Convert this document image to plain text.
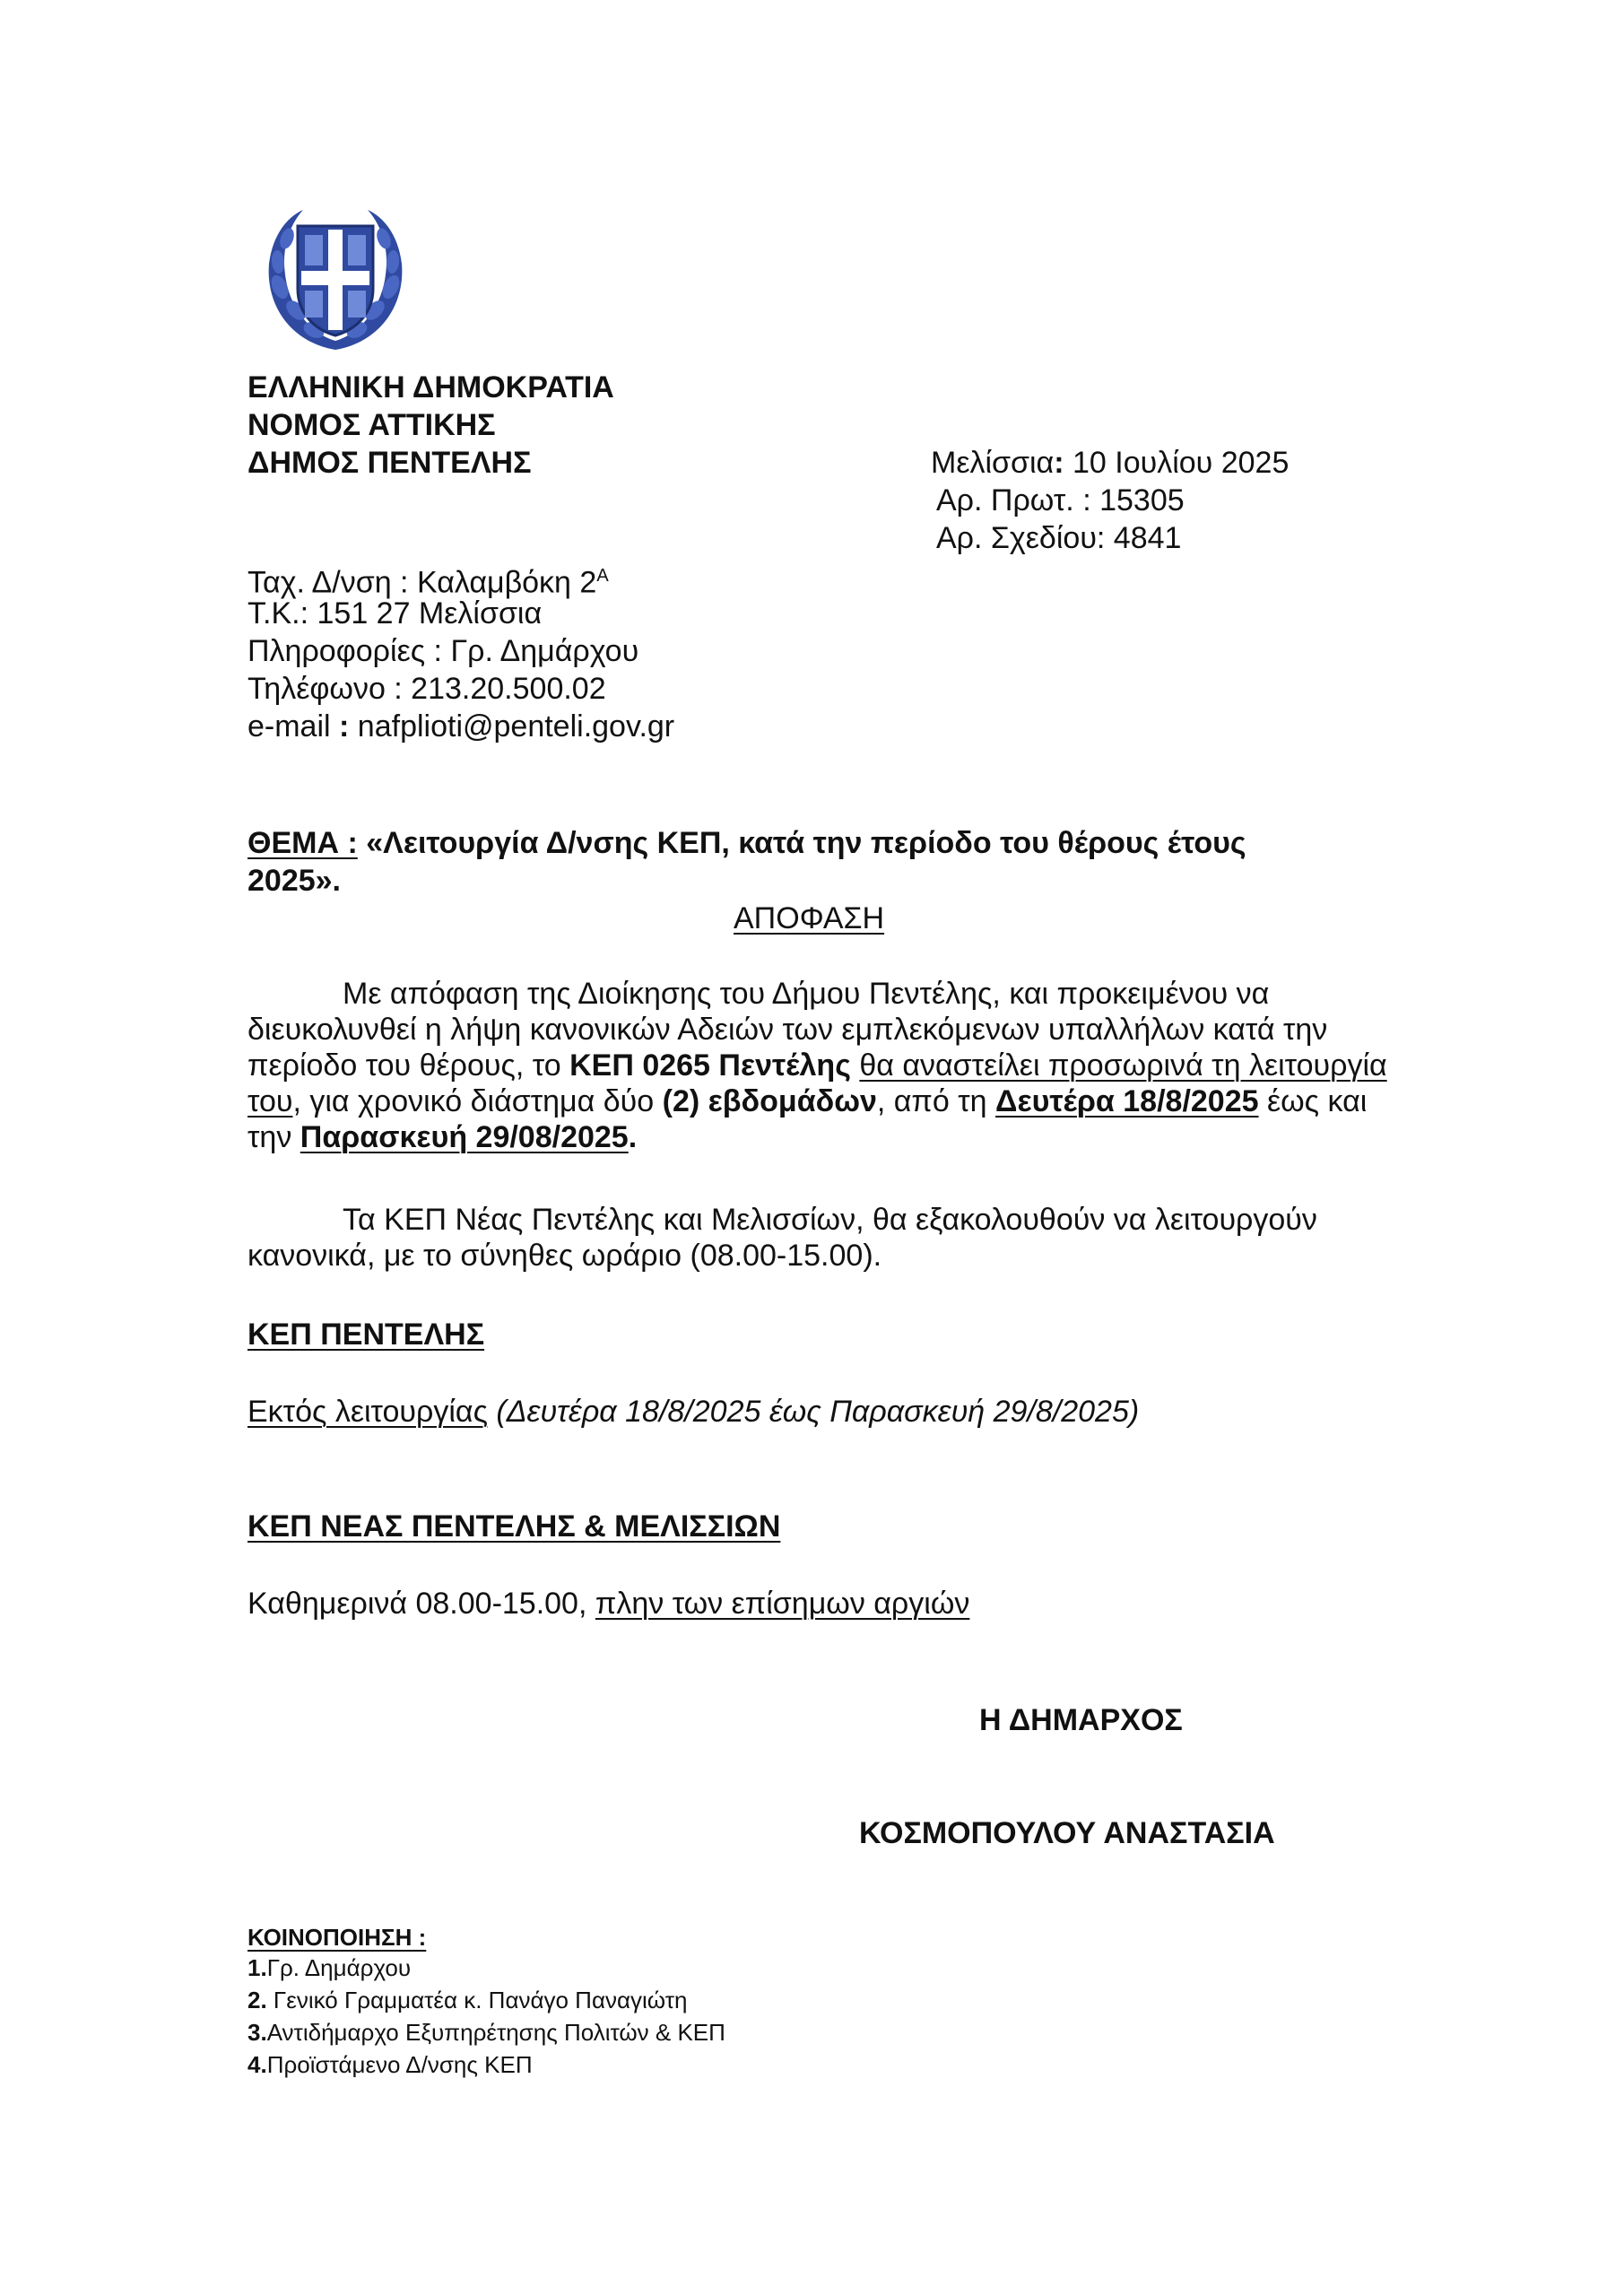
ΕΛΛΗΝΙΚΗ ΔΗΜΟΚΡΑΤΙΑ
ΝΟΜΟΣ ΑΤΤΙΚΗΣ
ΔΗΜΟΣ ΠΕΝΤΕΛΗΣ	Μελίσσια: 10 Ιουλίου 2025
Αρ. Πρωτ. : 15305
Αρ. Σχεδίου: 4841
Ταχ. Δ/νση : Καλαμβόκη $2^A$
Τ.Κ.: 151 27 Μελίσσια
Πληροφορίες : Γρ. Δημάρχου
Τηλέφωνο : 213.20.500.02
e-mail : nafplioti@penteli.gov.gr
ΘΕΜΑ : «Λειτουργία Δ/νσης ΚΕΠ, κατά την περίοδο του θέρους έτους
2025».
ΑΠΟΦΑΣΗ
Με απόφαση της Διοίκησης του Δήμου Πεντέλης, και προκειμένου να διευκολυνθεί η λήψη κανονικών Αδειών των εμπλεκόμενων υπαλλήλων κατά την περίοδο του θέρους, το ΚΕΠ 0265 Πεντέλης θα αναστείλει προσωρινά τη λειτουργία του, για χρονικό διάστημα δύο (2) εβδομάδων, από τη Δευτέρα 18/8/2025 έως και την Παρασκευή 29/08/2025.
Τα ΚΕΠ Νέας Πεντέλης και Μελισσίων, θα εξακολουθούν να λειτουργούν κανονικά, με το σύνηθες ωράριο (08.00-15.00).
ΚΕΠ ΠΕΝΤΕΛΗΣ
Εκτός λειτουργίας (Δευτέρα 18/8/2025 έως Παρασκευή 29/8/2025)
ΚΕΠ ΝΕΑΣ ΠΕΝΤΕΛΗΣ & ΜΕΛΙΣΣΙΩΝ
Καθημερινά 08.00-15.00, πλην των επίσημων αργιών
Η ΔΗΜΑΡΧΟΣ
ΚΟΣΜΟΠΟΥΛΟΥ ΑΝΑΣΤΑΣΙΑ
ΚΟΙΝΟΠΟΙΗΣΗ :
1.Γρ. Δημάρχου
2. Γενικό Γραμματέα κ. Πανάγο Παναγιώτη
3.Αντιδήμαρχο Εξυπηρέτησης Πολιτών & ΚΕΠ
4.Προϊστάμενο Δ/νσης ΚΕΠ
